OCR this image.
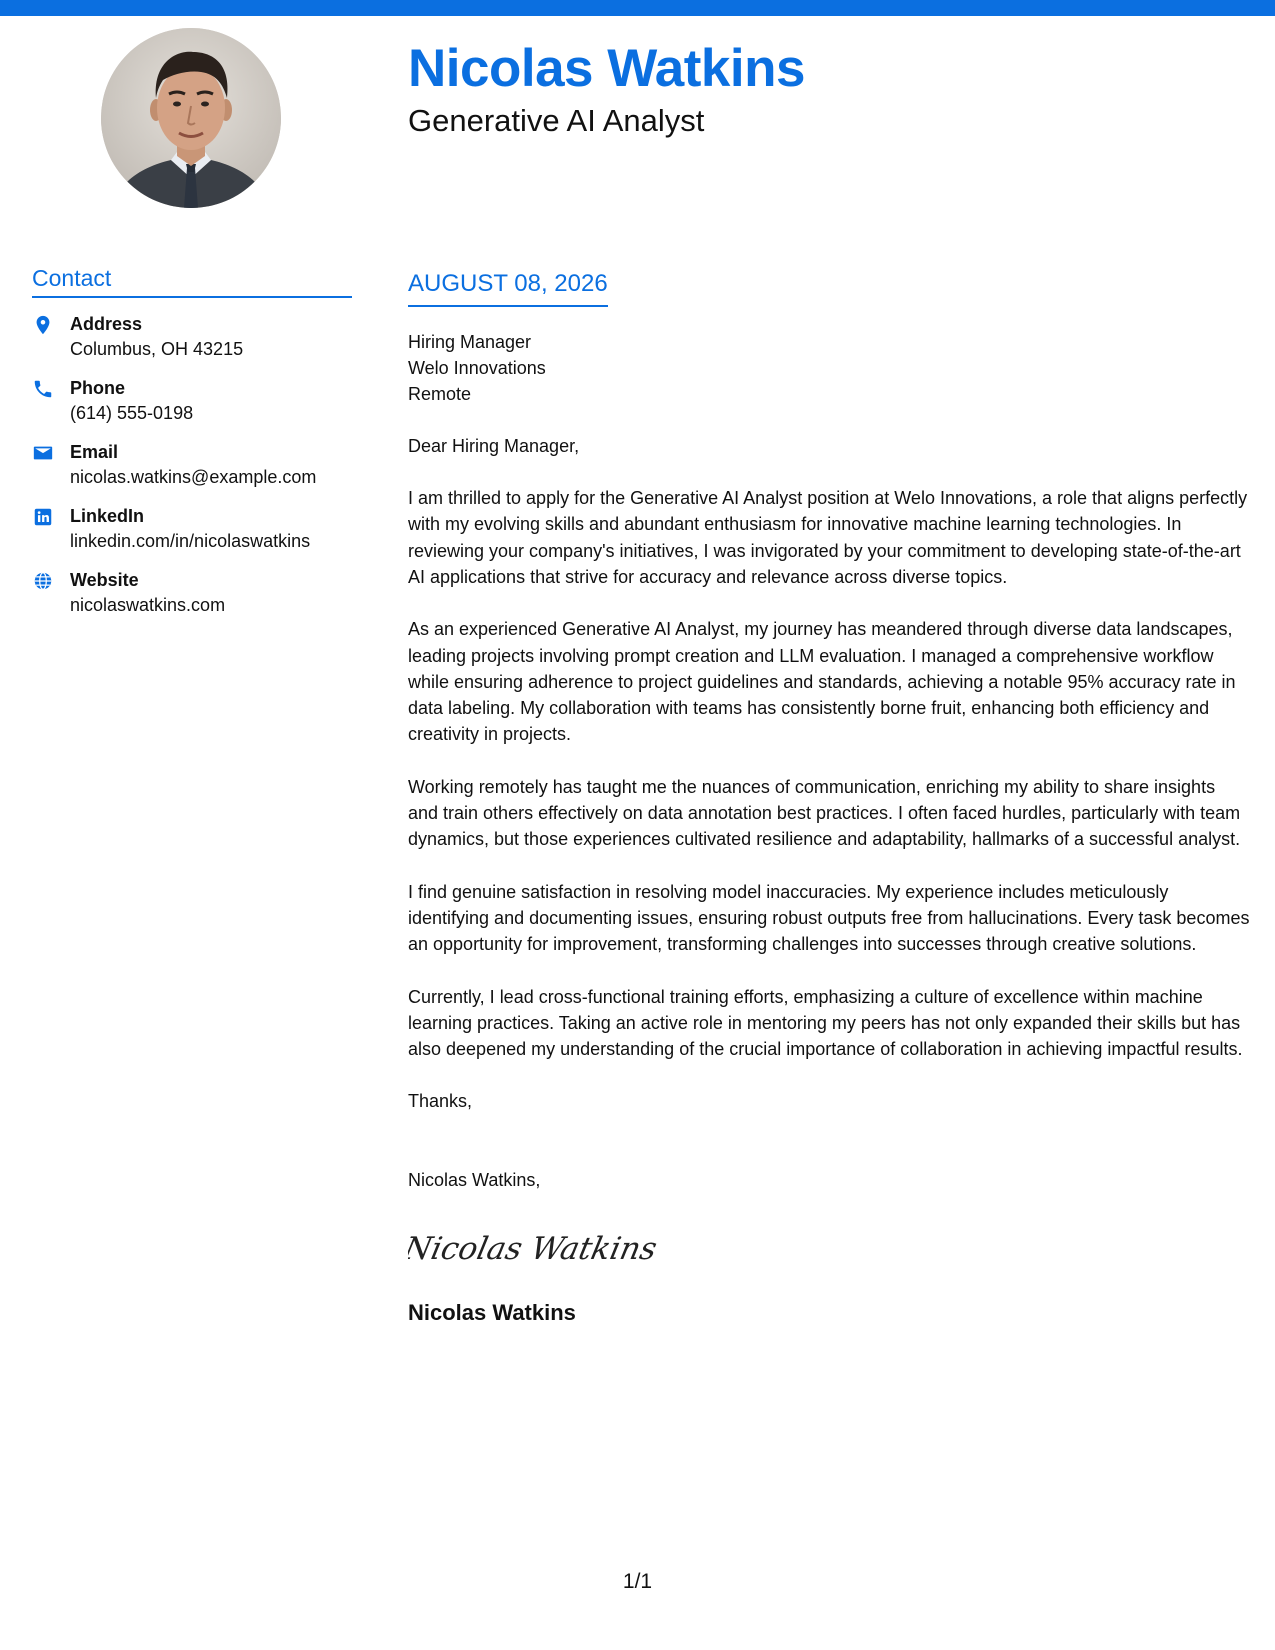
Nicolas Watkins
Generative AI Analyst
Contact
Address
Columbus, OH 43215
Phone
(614) 555-0198
Email
nicolas.watkins@example.com
LinkedIn
linkedin.com/in/nicolaswatkins
Website
nicolaswatkins.com
AUGUST 08, 2026
Hiring Manager
Welo Innovations
Remote
Dear Hiring Manager,
I am thrilled to apply for the Generative AI Analyst position at Welo Innovations, a role that aligns perfectly with my evolving skills and abundant enthusiasm for innovative machine learning technologies. In reviewing your company's initiatives, I was invigorated by your commitment to developing state-of-the-art AI applications that strive for accuracy and relevance across diverse topics.
As an experienced Generative AI Analyst, my journey has meandered through diverse data landscapes, leading projects involving prompt creation and LLM evaluation. I managed a comprehensive workflow while ensuring adherence to project guidelines and standards, achieving a notable 95% accuracy rate in data labeling. My collaboration with teams has consistently borne fruit, enhancing both efficiency and creativity in projects.
Working remotely has taught me the nuances of communication, enriching my ability to share insights and train others effectively on data annotation best practices. I often faced hurdles, particularly with team dynamics, but those experiences cultivated resilience and adaptability, hallmarks of a successful analyst.
I find genuine satisfaction in resolving model inaccuracies. My experience includes meticulously identifying and documenting issues, ensuring robust outputs free from hallucinations. Every task becomes an opportunity for improvement, transforming challenges into successes through creative solutions.
Currently, I lead cross-functional training efforts, emphasizing a culture of excellence within machine learning practices. Taking an active role in mentoring my peers has not only expanded their skills but has also deepened my understanding of the crucial importance of collaboration in achieving impactful results.
Thanks,
Nicolas Watkins,
Nicolas Watkins
Nicolas Watkins
1/1
